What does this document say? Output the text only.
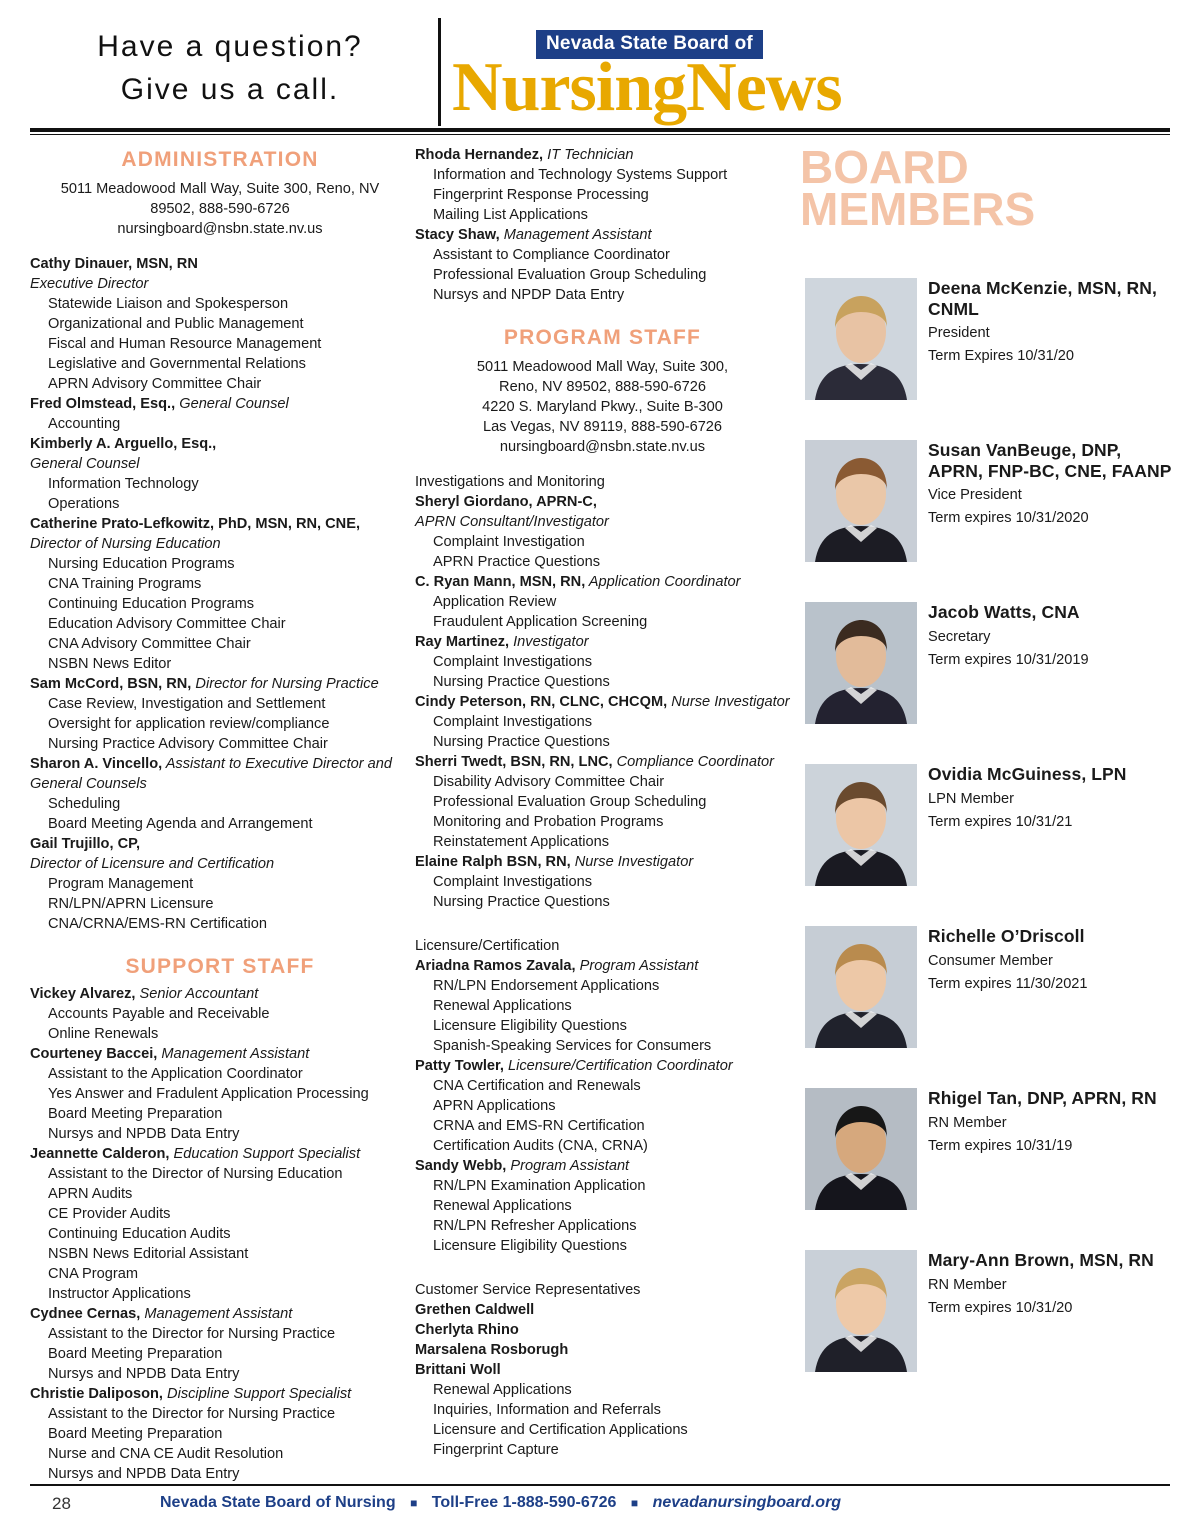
Have a question?
Give us a call.
Nevada State Board of
NursingNews
ADMINISTRATION
5011 Meadowood Mall Way, Suite 300, Reno, NV
89502, 888-590-6726
nursingboard@nsbn.state.nv.us
Cathy Dinauer, MSN, RN
Executive Director
Statewide Liaison and Spokesperson
Organizational and Public Management
Fiscal and Human Resource Management
Legislative and Governmental Relations
APRN Advisory Committee Chair
Fred Olmstead, Esq., General Counsel
Accounting
Kimberly A. Arguello, Esq.,
General Counsel
Information Technology
Operations
Catherine Prato-Lefkowitz, PhD, MSN, RN, CNE,
Director of Nursing Education
Nursing Education Programs
CNA Training Programs
Continuing Education Programs
Education Advisory Committee Chair
CNA Advisory Committee Chair
NSBN News Editor
Sam McCord, BSN, RN, Director for Nursing Practice
Case Review, Investigation and Settlement
Oversight for application review/compliance
Nursing Practice Advisory Committee Chair
Sharon A. Vincello, Assistant to Executive Director and General Counsels
Scheduling
Board Meeting Agenda and Arrangement
Gail Trujillo, CP,
Director of Licensure and Certification
Program Management
RN/LPN/APRN Licensure
CNA/CRNA/EMS-RN Certification
SUPPORT STAFF
Vickey Alvarez, Senior Accountant
Accounts Payable and Receivable
Online Renewals
Courteney Baccei, Management Assistant
Assistant to the Application Coordinator
Yes Answer and Fradulent Application Processing
Board Meeting Preparation
Nursys and NPDB Data Entry
Jeannette Calderon, Education Support Specialist
Assistant to the Director of Nursing Education
APRN Audits
CE Provider Audits
Continuing Education Audits
NSBN News Editorial Assistant
CNA Program
Instructor Applications
Cydnee Cernas, Management Assistant
Assistant to the Director for Nursing Practice
Board Meeting Preparation
Nursys and NPDB Data Entry
Christie Daliposon, Discipline Support Specialist
Assistant to the Director for Nursing Practice
Board Meeting Preparation
Nurse and CNA CE Audit Resolution
Nursys and NPDB Data Entry
Rhoda Hernandez, IT Technician
Information and Technology Systems Support
Fingerprint Response Processing
Mailing List Applications
Stacy Shaw, Management Assistant
Assistant to Compliance Coordinator
Professional Evaluation Group Scheduling
Nursys and NPDP Data Entry
PROGRAM STAFF
5011 Meadowood Mall Way, Suite 300,
Reno, NV 89502, 888-590-6726
4220 S. Maryland Pkwy., Suite B-300
Las Vegas, NV 89119, 888-590-6726
nursingboard@nsbn.state.nv.us
Investigations and Monitoring
Sheryl Giordano, APRN-C,
APRN Consultant/Investigator
Complaint Investigation
APRN Practice Questions
C. Ryan Mann, MSN, RN, Application Coordinator
Application Review
Fraudulent Application Screening
Ray Martinez, Investigator
Complaint Investigations
Nursing Practice Questions
Cindy Peterson, RN, CLNC, CHCQM, Nurse Investigator
Complaint Investigations
Nursing Practice Questions
Sherri Twedt, BSN, RN, LNC, Compliance Coordinator
Disability Advisory Committee Chair
Professional Evaluation Group Scheduling
Monitoring and Probation Programs
Reinstatement Applications
Elaine Ralph BSN, RN, Nurse Investigator
Complaint Investigations
Nursing Practice Questions
Licensure/Certification
Ariadna Ramos Zavala, Program Assistant
RN/LPN Endorsement Applications
Renewal Applications
Licensure Eligibility Questions
Spanish-Speaking Services for Consumers
Patty Towler, Licensure/Certification Coordinator
CNA Certification and Renewals
APRN Applications
CRNA and EMS-RN Certification
Certification Audits (CNA, CRNA)
Sandy Webb, Program Assistant
RN/LPN Examination Application
Renewal Applications
RN/LPN Refresher Applications
Licensure Eligibility Questions
Customer Service Representatives
Grethen Caldwell
Cherlyta Rhino
Marsalena Rosborugh
Brittani Woll
Renewal Applications
Inquiries, Information and Referrals
Licensure and Certification Applications
Fingerprint Capture
BOARD
MEMBERS
Deena McKenzie, MSN, RN, CNML
President
Term Expires 10/31/20
Susan VanBeuge, DNP, APRN, FNP-BC, CNE, FAANP
Vice President
Term expires 10/31/2020
Jacob Watts, CNA
Secretary
Term expires 10/31/2019
Ovidia McGuiness, LPN
LPN Member
Term expires 10/31/21
Richelle O’Driscoll
Consumer Member
Term expires 11/30/2021
Rhigel Tan, DNP, APRN, RN
RN Member
Term expires 10/31/19
Mary-Ann Brown, MSN, RN
RN Member
Term expires 10/31/20
28	Nevada State Board of Nursing ■ Toll-Free 1-888-590-6726 ■ nevadanursingboard.org
